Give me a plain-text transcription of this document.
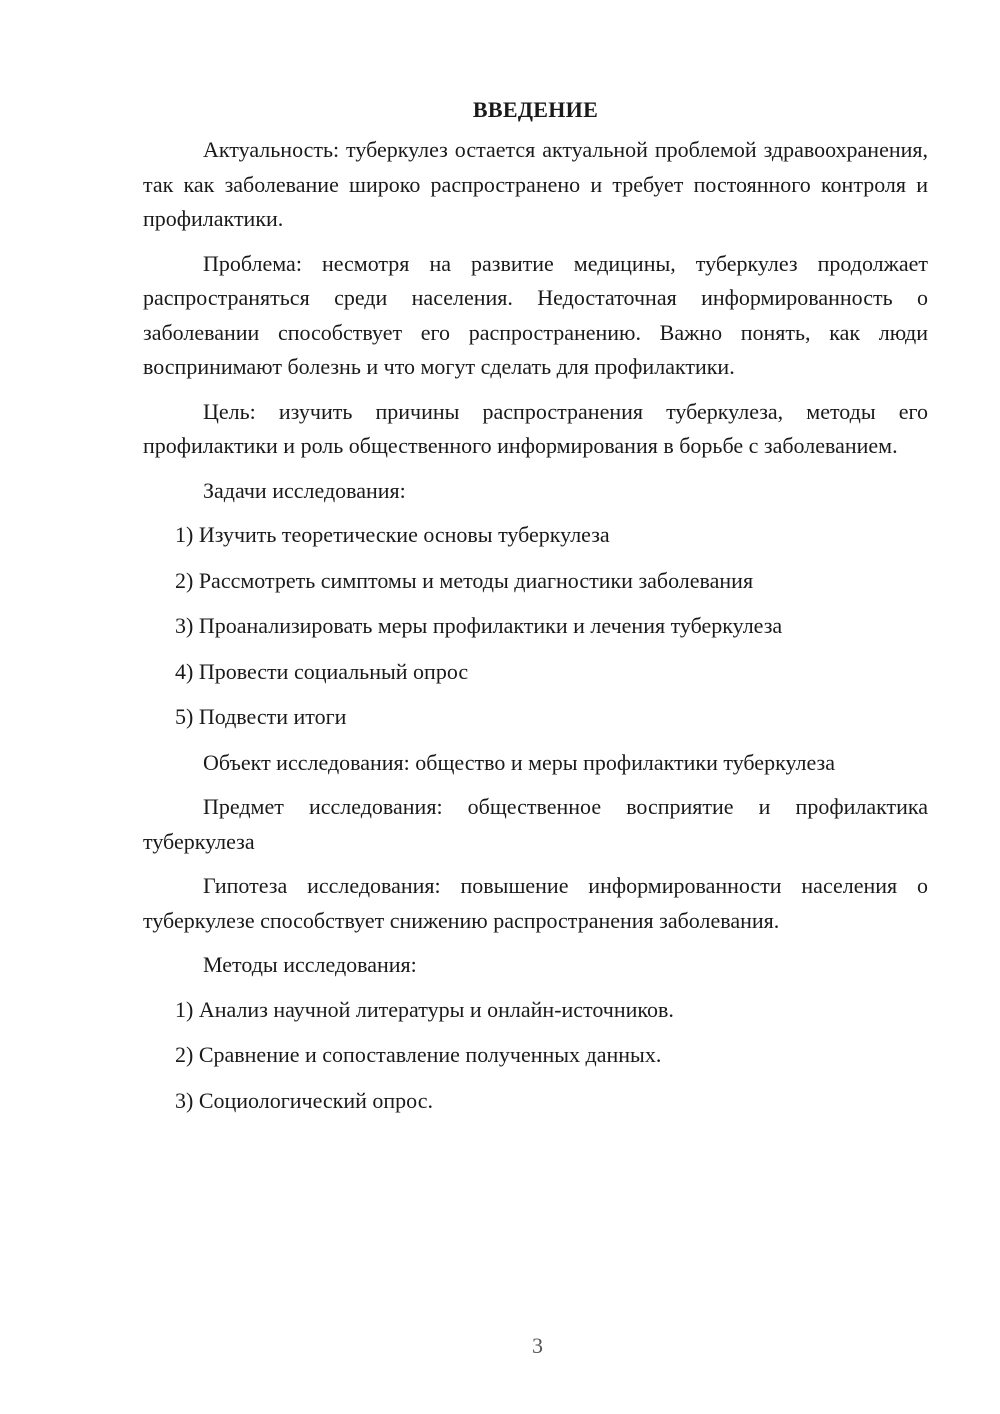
ВВЕДЕНИЕ

Актуальность: туберкулез остается актуальной проблемой здравоохранения, так как заболевание широко распространено и требует постоянного контроля и профилактики.

Проблема: несмотря на развитие медицины, туберкулез продолжает распространяться среди населения. Недостаточная информированность о заболевании способствует его распространению. Важно понять, как люди воспринимают болезнь и что могут сделать для профилактики.

Цель: изучить причины распространения туберкулеза, методы его профилактики и роль общественного информирования в борьбе с заболеванием.

Задачи исследования:

1) Изучить теоретические основы туберкулеза
2) Рассмотреть симптомы и методы диагностики заболевания
3) Проанализировать меры профилактики и лечения туберкулеза
4) Провести социальный опрос
5) Подвести итоги

Объект исследования: общество и меры профилактики туберкулеза

Предмет исследования: общественное восприятие и профилактика туберкулеза

Гипотеза исследования: повышение информированности населения о туберкулезе способствует снижению распространения заболевания.

Методы исследования:

1) Анализ научной литературы и онлайн-источников.
2) Сравнение и сопоставление полученных данных.
3) Социологический опрос.
3
